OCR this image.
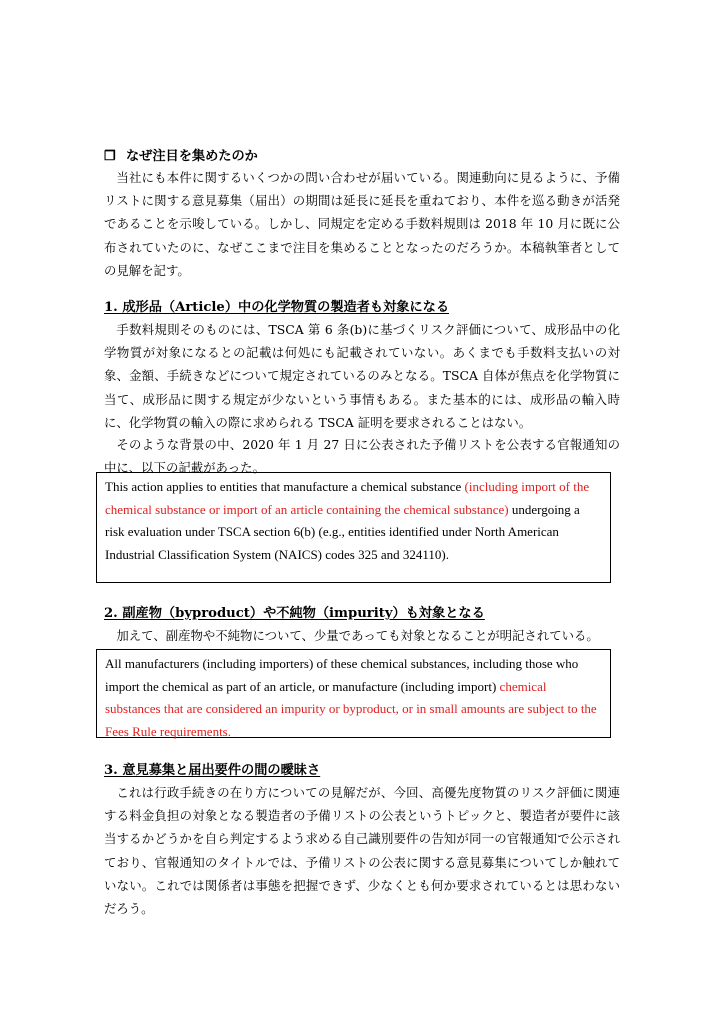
❐ なぜ注目を集めたのか

当社にも本件に関するいくつかの問い合わせが届いている。関連動向に見るように、予備リストに関する意見募集（届出）の期間は延長に延長を重ねており、本件を巡る動きが活発であることを示唆している。しかし、同規定を定める手数料規則は 2018 年 10 月に既に公布されていたのに、なぜここまで注目を集めることとなったのだろうか。本稿執筆者としての見解を記す。

1. 成形品（Article）中の化学物質の製造者も対象になる

手数料規則そのものには、TSCA 第 6 条(b)に基づくリスク評価について、成形品中の化学物質が対象になるとの記載は何処にも記載されていない。あくまでも手数料支払いの対象、金額、手続きなどについて規定されているのみとなる。TSCA 自体が焦点を化学物質に当て、成形品に関する規定が少ないという事情もある。また基本的には、成形品の輸入時に、化学物質の輸入の際に求められる TSCA 証明を要求されることはない。

そのような背景の中、2020 年 1 月 27 日に公表された予備リストを公表する官報通知の中に、以下の記載があった。

This action applies to entities that manufacture a chemical substance (including import of the chemical substance or import of an article containing the chemical substance) undergoing a risk evaluation under TSCA section 6(b) (e.g., entities identified under North American Industrial Classification System (NAICS) codes 325 and 324110).
2. 副産物（byproduct）や不純物（impurity）も対象となる

加えて、副産物や不純物について、少量であっても対象となることが明記されている。

All manufacturers (including importers) of these chemical substances, including those who import the chemical as part of an article, or manufacture (including import) chemical substances that are considered an impurity or byproduct, or in small amounts are subject to the Fees Rule requirements.
3. 意見募集と届出要件の間の曖昧さ

これは行政手続きの在り方についての見解だが、今回、高優先度物質のリスク評価に関連する料金負担の対象となる製造者の予備リストの公表というトピックと、製造者が要件に該当するかどうかを自ら判定するよう求める自己識別要件の告知が同一の官報通知で公示されており、官報通知のタイトルでは、予備リストの公表に関する意見募集についてしか触れていない。これでは関係者は事態を把握できず、少なくとも何か要求されているとは思わないだろう。
